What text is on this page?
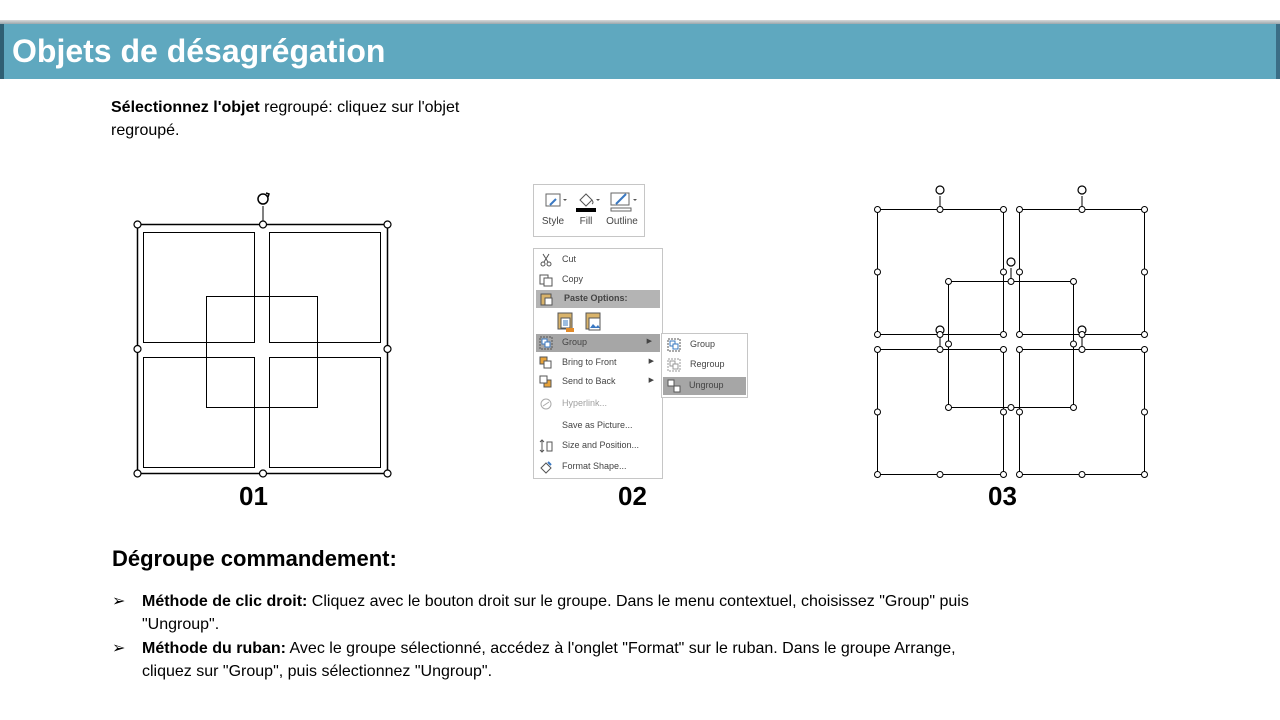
Objets de désagrégation
Sélectionnez l'objet regroupé: cliquez sur l'objet regroupé.
01
Style	Fill	Outline
Cut
Copy
Paste Options:
Group	▶
Bring to Front	▶
Send to Back	▶
Hyperlink...
Save as Picture...
Size and Position...
Format Shape...
Group
Regroup
Ungroup
02	03
Dégroupe commandement:
➢ Méthode de clic droit: Cliquez avec le bouton droit sur le groupe. Dans le menu contextuel, choisissez "Group" puis "Ungroup".
➢ Méthode du ruban: Avec le groupe sélectionné, accédez à l'onglet "Format" sur le ruban. Dans le groupe Arrange, cliquez sur "Group", puis sélectionnez "Ungroup".
